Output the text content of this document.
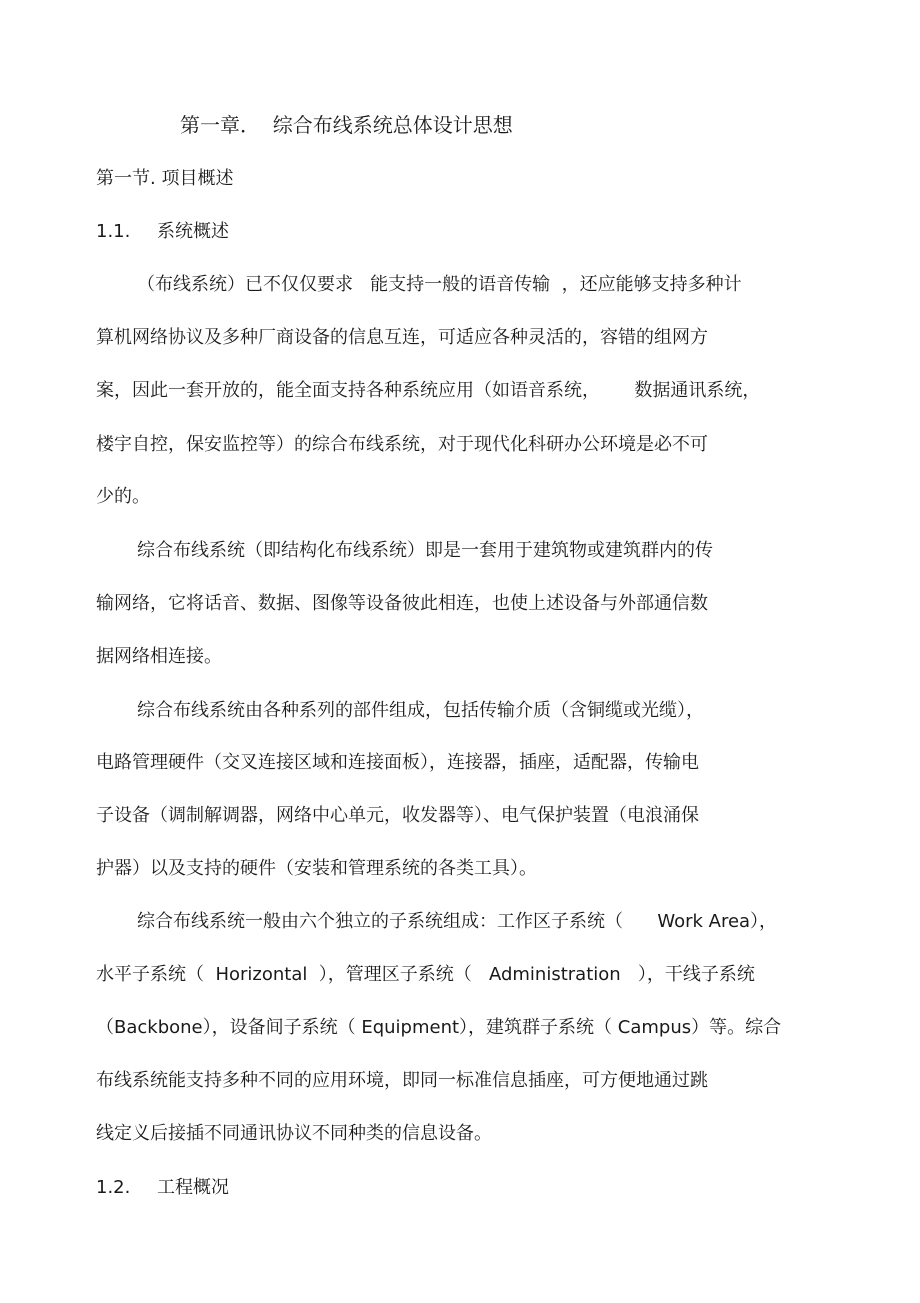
第一章．  综合布线系统总体设计思想
第一节. 项目概述
1.1. 系统概述
（布线系统）已不仅仅要求   能支持一般的语音传输  ，还应能够支持多种计
算机网络协议及多种厂商设备的信息互连，可适应各种灵活的，容错的组网方
案，因此一套开放的，能全面支持各种系统应用（如语音系统，      数据通讯系统，
楼宇自控，保安监控等）的综合布线系统，对于现代化科研办公环境是必不可
少的。
综合布线系统（即结构化布线系统）即是一套用于建筑物或建筑群内的传
输网络，它将话音、数据、图像等设备彼此相连，也使上述设备与外部通信数
据网络相连接。
综合布线系统由各种系列的部件组成，包括传输介质（含铜缆或光缆），
电路管理硬件（交叉连接区域和连接面板），连接器，插座，适配器，传输电
子设备（调制解调器，网络中心单元，收发器等）、电气保护装置（电浪涌保
护器）以及支持的硬件（安装和管理系统的各类工具）。
综合布线系统一般由六个独立的子系统组成：工作区子系统（      Work Area），
水平子系统（  Horizontal  ），管理区子系统（   Administration   ），干线子系统
（Backbone），设备间子系统（ Equipment），建筑群子系统（ Campus）等。综合
布线系统能支持多种不同的应用环境，即同一标准信息插座，可方便地通过跳
线定义后接插不同通讯协议不同种类的信息设备。
1.2. 工程概况
